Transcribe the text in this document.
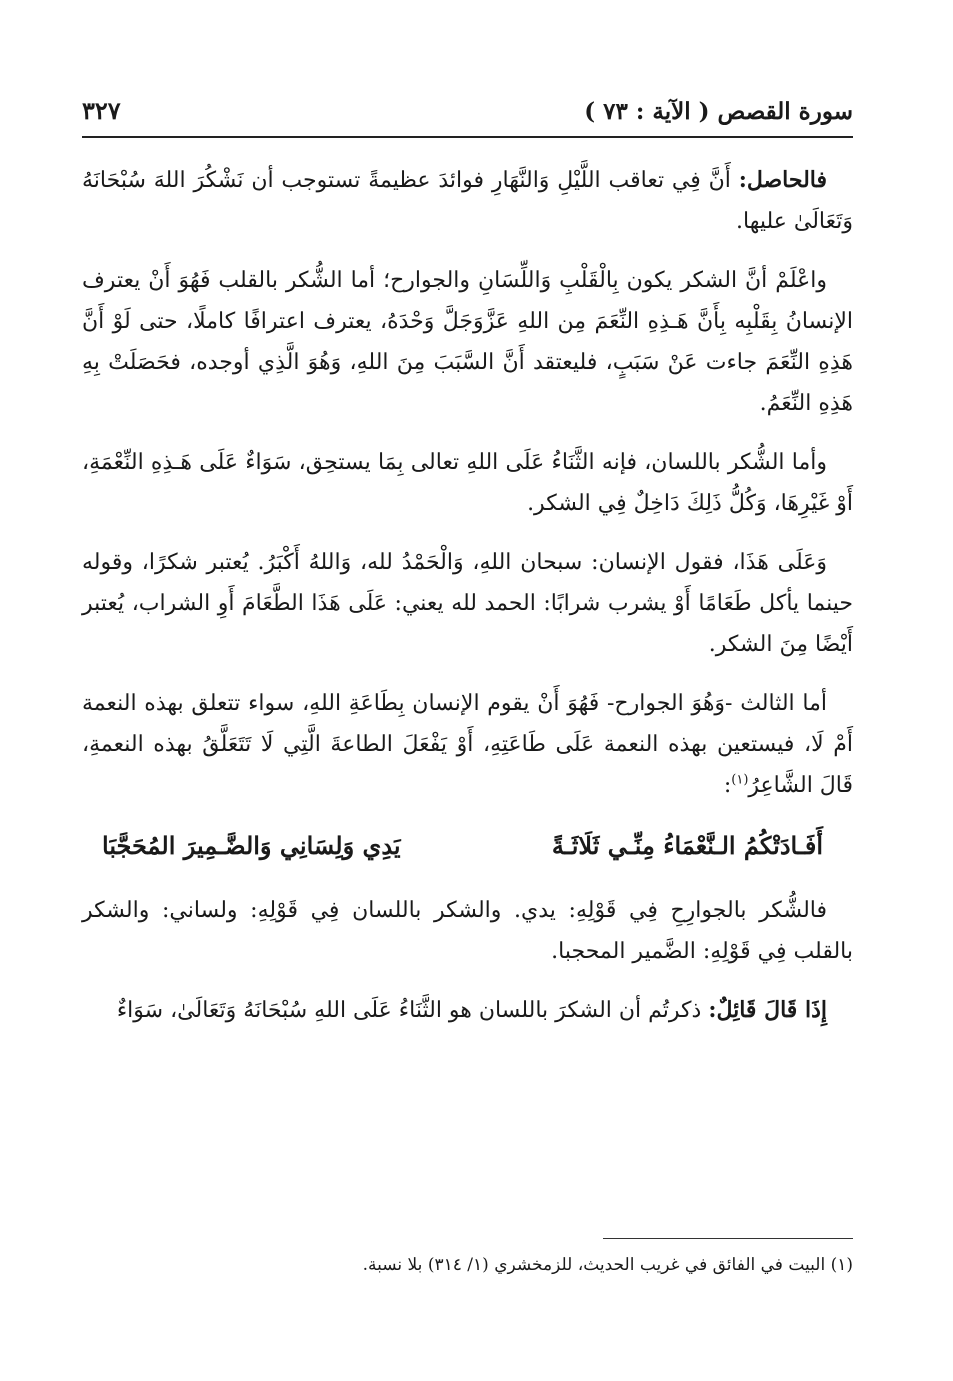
سورة القصص ( الآية : ٧٣ )
٣٢٧

فالحاصل: أَنَّ فِي تعاقب اللَّيْلِ وَالنَّهَارِ فوائدَ عظيمةً تستوجب أن نَشْكُرَ اللهَ سُبْحَانَهُ وَتَعَالَىٰ عليها.

واعْلَمْ أنَّ الشكر يكون بِالْقَلْبِ وَاللِّسَانِ والجوارح؛ أما الشُّكر بالقلب فَهُوَ أَنْ يعترف الإنسانُ بِقَلْبِه بِأَنَّ هَـذِهِ النِّعَمَ مِن اللهِ عَزَّوَجَلَّ وَحْدَهُ، يعترف اعترافًا كاملًا، حتى لَوْ أَنَّ هَذِهِ النِّعَمَ جاءت عَنْ سَبَبٍ، فليعتقد أَنَّ السَّبَبَ مِنَ اللهِ، وَهُوَ الَّذِي أوجده، فحَصَلَتْ بِهِ هَذِهِ النِّعَمُ.

وأما الشُّكر باللسان، فإنه الثَّنَاءُ عَلَى اللهِ تعالى بِمَا يستحِق، سَوَاءٌ عَلَى هَـذِهِ النِّعْمَةِ، أَوْ غَيْرِهَا، وَكُلُّ ذَلِكَ دَاخِلٌ فِي الشكر.

وَعَلَى هَذَا، فقول الإنسان: سبحان اللهِ، وَالْحَمْدُ لله، وَاللهُ أَكْبَرُ. يُعتبر شكرًا، وقوله حينما يأكل طَعَامًا أَوْ يشرب شرابًا: الحمد لله يعني: عَلَى هَذَا الطَّعَامَ أَوِ الشراب، يُعتبر أَيْضًا مِنَ الشكر.

أما الثالث -وَهُوَ الجوارح- فَهُوَ أَنْ يقوم الإنسان بِطَاعَةِ اللهِ، سواء تتعلق بهذه النعمة أَمْ لَا، فيستعين بهذه النعمة عَلَى طَاعَتِهِ، أَوْ يَفْعَلَ الطاعةَ الَّتِي لَا تَتَعَلَّقُ بهذه النعمةِ، قَالَ الشَّاعِرُ$^{(١)}$:

أَفَـادَتْكُمُ الـنَّعْمَاءُ مِنِّـي ثَلَاثَـةً
يَدِي وَلِسَانِي وَالضَّـمِيرَ المُحَجَّبَا

فالشُّكر بالجوارِحِ فِي قَوْلِهِ: يدي. والشكر باللسان فِي قَوْلِهِ: ولساني: والشكر بالقلب فِي قَوْلِهِ: الضَّمير المحجبا.

إِذَا قَالَ قَائِلٌ: ذكرتُم أن الشكرَ باللسان هو الثَّنَاءُ عَلَى اللهِ سُبْحَانَهُ وَتَعَالَىٰ، سَوَاءٌ

(١) البيت في الفائق في غريب الحديث، للزمخشري (١/ ٣١٤) بلا نسبة.
